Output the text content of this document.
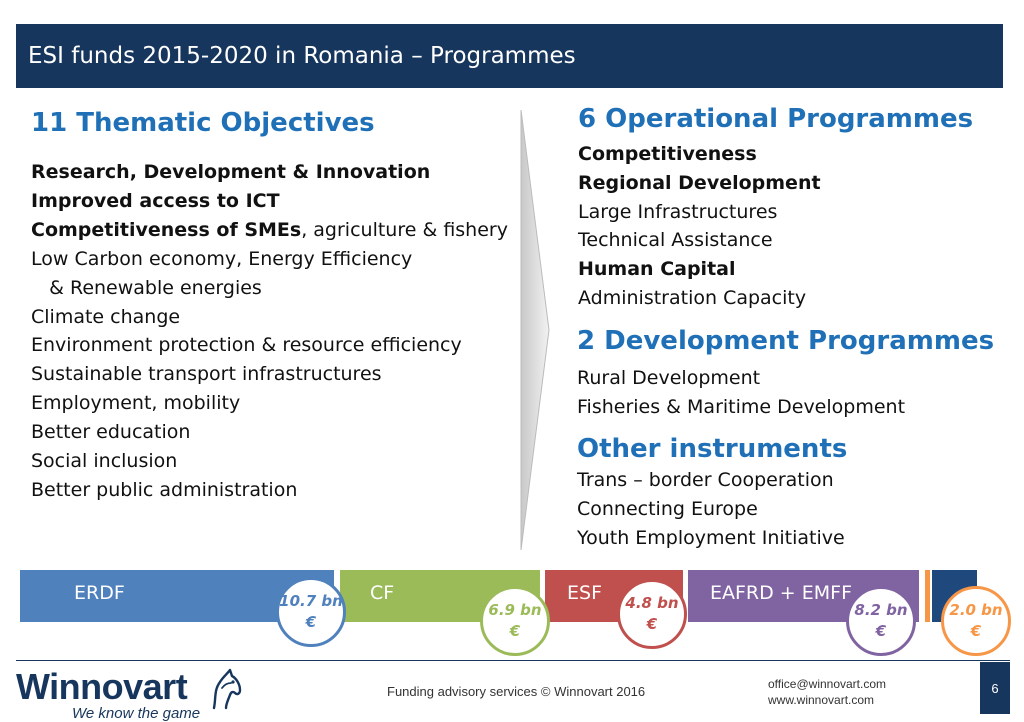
ESI funds 2015-2020 in Romania – Programmes
11 Thematic Objectives
Research, Development & Innovation
Improved access to ICT
Competitiveness of SMEs, agriculture & fishery
Low Carbon economy, Energy Efficiency
& Renewable energies
Climate change
Environment protection & resource efficiency
Sustainable transport infrastructures
Employment, mobility
Better education
Social inclusion
Better public administration
6 Operational Programmes
Competitiveness
Regional Development
Large Infrastructures
Technical Assistance
Human Capital
Administration Capacity
2 Development Programmes
Rural Development
Fisheries & Maritime Development
Other instruments
Trans – border Cooperation
Connecting Europe
Youth Employment Initiative
ERDF	CF	ESF	EAFRD + EMFF
10.7 bn
€
6.9 bn
€
4.8 bn
€
8.2 bn
€
2.0 bn
€
Winnovart
We know the game
Funding advisory services © Winnovart 2016	office@winnovart.com
www.winnovart.com
6
